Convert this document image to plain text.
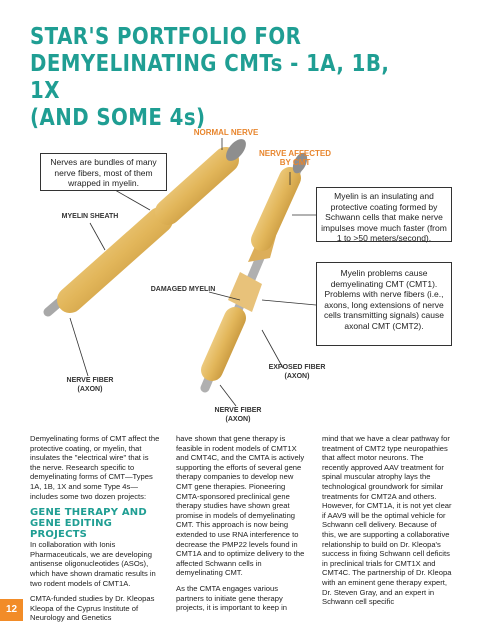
STAR'S PORTFOLIO FOR
DEMYELINATING CMTs - 1A, 1B, 1X
(AND SOME 4s)
NORMAL NERVE
NERVE AFFECTED
BY CMT
Nerves are bundles of many nerve fibers, most of them wrapped in myelin.
Myelin is an insulating and protective coating formed by Schwann cells that make nerve impulses move much faster (from 1 to >50 meters/second).
Myelin problems cause demyelinating CMT (CMT1). Problems with nerve fibers (i.e., axons, long extensions of nerve cells transmitting signals) cause axonal CMT (CMT2).
MYELIN SHEATH
DAMAGED MYELIN
EXPOSED FIBER
(AXON)
NERVE FIBER
(AXON)
NERVE FIBER
(AXON)

Demyelinating forms of CMT affect the protective coating, or myelin, that insulates the "electrical wire" that is the nerve. Research specific to demyelinating forms of CMT—Types 1A, 1B, 1X and some Type 4s—includes some two dozen projects:

GENE THERAPY AND
GENE EDITING PROJECTS

In collaboration with Ionis Pharmaceuticals, we are developing antisense oligonucleotides (ASOs), which have shown dramatic results in two rodent models of CMT1A.

CMTA-funded studies by Dr. Kleopas Kleopa of the Cyprus Institute of Neurology and Genetics

have shown that gene therapy is feasible in rodent models of CMT1X and CMT4C, and the CMTA is actively supporting the efforts of several gene therapy companies to develop new CMT gene therapies. Pioneering CMTA-sponsored preclinical gene therapy studies have shown great promise in models of demyelinating CMT. This approach is now being extended to use RNA interference to decrease the PMP22 levels found in CMT1A and to optimize delivery to the affected Schwann cells in demyelinating CMT.

As the CMTA engages various partners to initiate gene therapy projects, it is important to keep in

mind that we have a clear pathway for treatment of CMT2 type neuropathies that affect motor neurons. The recently approved AAV treatment for spinal muscular atrophy lays the technological groundwork for similar treatments for CMT2A and others. However, for CMT1A, it is not yet clear if AAV9 will be the optimal vehicle for Schwann cell delivery. Because of this, we are supporting a collaborative relationship to build on Dr. Kleopa's success in fixing Schwann cell deficits in preclinical trials for CMT1X and CMT4C. The partnership of Dr. Kleopa with an eminent gene therapy expert, Dr. Steven Gray, and an expert in Schwann cell specific

12
